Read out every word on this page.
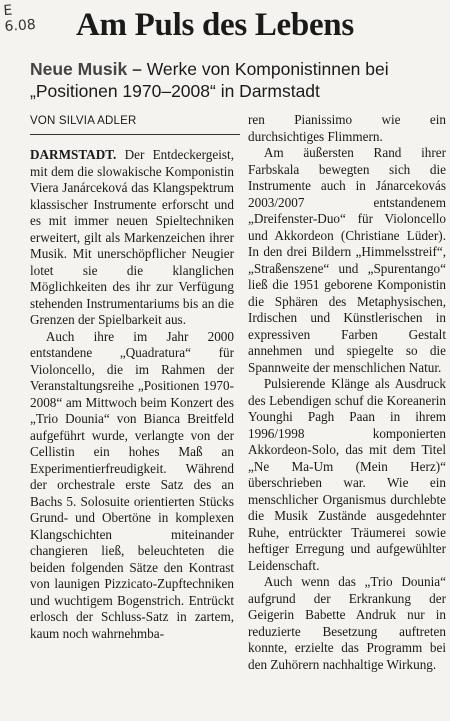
E
6.08 Am Puls des Lebens
Neue Musik – Werke von Komponistinnen bei „Positionen 1970–2008“ in Darmstadt
VON SILVIA ADLER

DARMSTADT. Der Entdeckergeist, mit dem die slowakische Komponistin Viera Janárceková das Klangspektrum klassischer Instrumente erforscht und es mit immer neuen Spieltechniken erweitert, gilt als Markenzeichen ihrer Musik. Mit unerschöpflicher Neugier lotet sie die klanglichen Möglichkeiten des ihr zur Verfügung stehenden Instrumentariums bis an die Grenzen der Spielbarkeit aus.

Auch ihre im Jahr 2000 entstandene „Quadratura“ für Violoncello, die im Rahmen der Veranstaltungsreihe „Positionen 1970-2008“ am Mittwoch beim Konzert des „Trio Dounia“ von Bianca Breitfeld aufgeführt wurde, verlangte von der Cellistin ein hohes Maß an Experimentierfreudigkeit. Während der orchestrale erste Satz des an Bachs 5. Solosuite orientierten Stücks Grund- und Obertöne in komplexen Klangschichten miteinander changieren ließ, beleuchteten die beiden folgenden Sätze den Kontrast von launigen Pizzicato-Zupftechniken und wuchtigem Bogenstrich. Entrückt erlosch der Schluss-Satz in zartem, kaum noch wahrnehmba-

ren Pianissimo wie ein durchsichtiges Flimmern.

Am äußersten Rand ihrer Farbskala bewegten sich die Instrumente auch in Jánarcekovás 2003/2007 entstandenem „Dreifenster-Duo“ für Violoncello und Akkordeon (Christiane Lüder). In den drei Bildern „Himmelsstreif“, „Straßenszene“ und „Spurentango“ ließ die 1951 geborene Komponistin die Sphären des Metaphysischen, Irdischen und Künstlerischen in expressiven Farben Gestalt annehmen und spiegelte so die Spannweite der menschlichen Natur.

Pulsierende Klänge als Ausdruck des Lebendigen schuf die Koreanerin Younghi Pagh Paan in ihrem 1996/1998 komponierten Akkordeon-Solo, das mit dem Titel „Ne Ma-Um (Mein Herz)“ überschrieben war. Wie ein menschlicher Organismus durchlebte die Musik Zustände ausgedehnter Ruhe, entrückter Träumerei sowie heftiger Erregung und aufgewühlter Leidenschaft.

Auch wenn das „Trio Dounia“ aufgrund der Erkrankung der Geigerin Babette Andruk nur in reduzierte Besetzung auftreten konnte, erzielte das Programm bei den Zuhörern nachhaltige Wirkung.
